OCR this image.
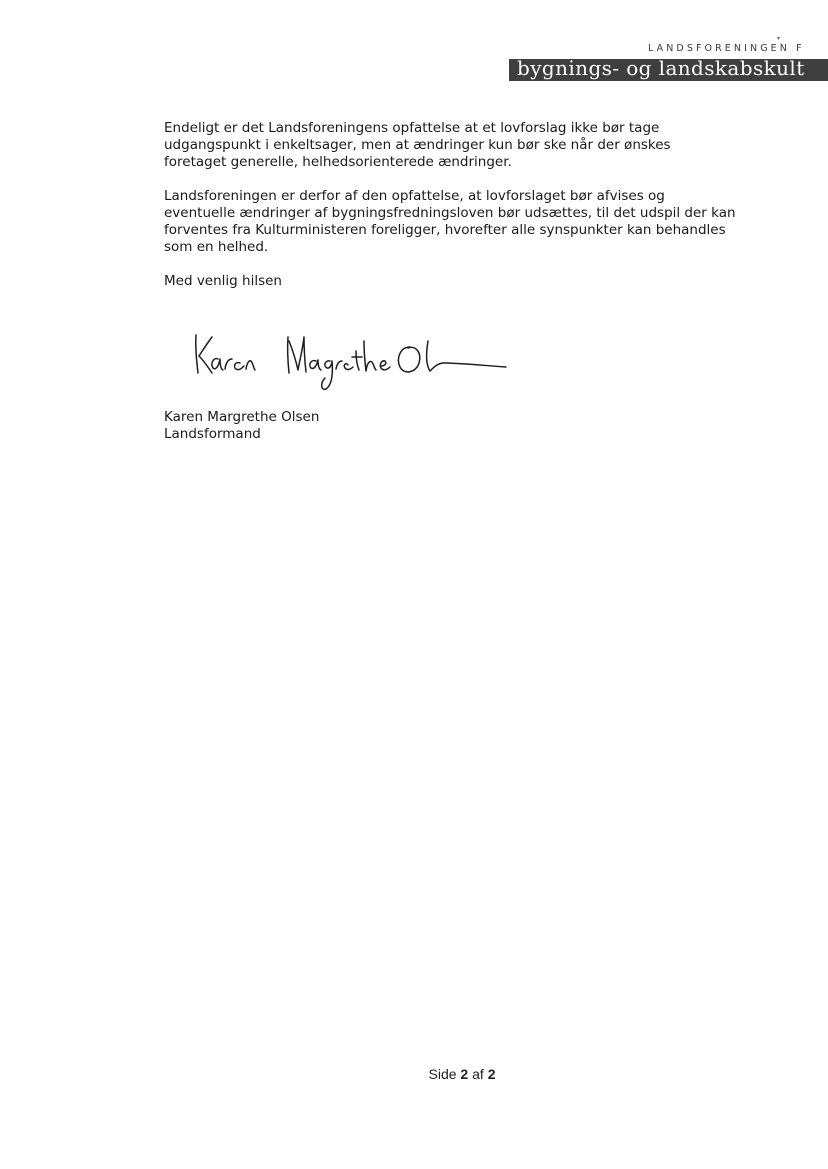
▾
LANDSFORENINGEN F
bygnings- og landskabskult

Endeligt er det Landsforeningens opfattelse at et lovforslag ikke bør tage
udgangspunkt i enkeltsager, men at ændringer kun bør ske når der ønskes
foretaget generelle, helhedsorienterede ændringer.

Landsforeningen er derfor af den opfattelse, at lovforslaget bør afvises og
eventuelle ændringer af bygningsfredningsloven bør udsættes, til det udspil der kan
forventes fra Kulturministeren foreligger, hvorefter alle synspunkter kan behandles
som en helhed.

Med venlig hilsen

Karen Margrethe Olsen
Landsformand
Side 2 af 2
